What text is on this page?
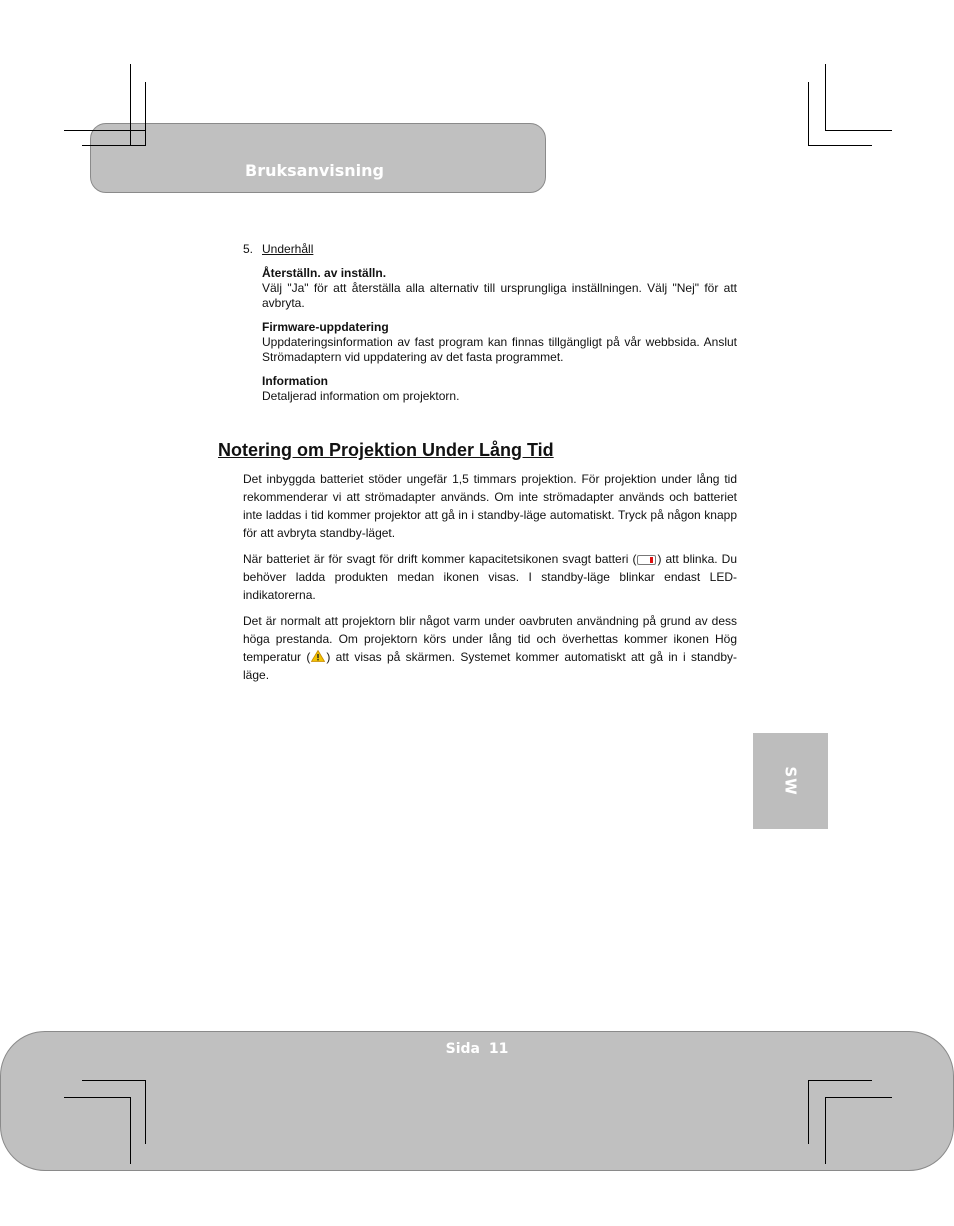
Bruksanvisning

5. Underhåll

Återställn. av inställn.
Välj "Ja" för att återställa alla alternativ till ursprungliga inställningen. Välj "Nej" för att avbryta.
Firmware-uppdatering
Uppdateringsinformation av fast program kan finnas tillgängligt på vår webbsida. Anslut Strömadaptern vid uppdatering av det fasta programmet.
Information
Detaljerad information om projektorn.
Notering om Projektion Under Lång Tid

Det inbyggda batteriet stöder ungefär 1,5 timmars projektion. För projektion under lång tid rekommenderar vi att strömadapter används. Om inte strömadapter används och batteriet inte laddas i tid kommer projektor att gå in i standby-läge automatiskt. Tryck på någon knapp för att avbryta standby-läget.

När batteriet är för svagt för drift kommer kapacitetsikonen svagt batteri ( ) att blinka. Du behöver ladda produkten medan ikonen visas. I standby-läge blinkar endast LED-indikatorerna.

Det är normalt att projektorn blir något varm under oavbruten användning på grund av dess höga prestanda. Om projektorn körs under lång tid och överhettas kommer ikonen Hög temperatur ( ) att visas på skärmen. Systemet kommer automatiskt att gå in i standby-läge.

SW
Sida 11
